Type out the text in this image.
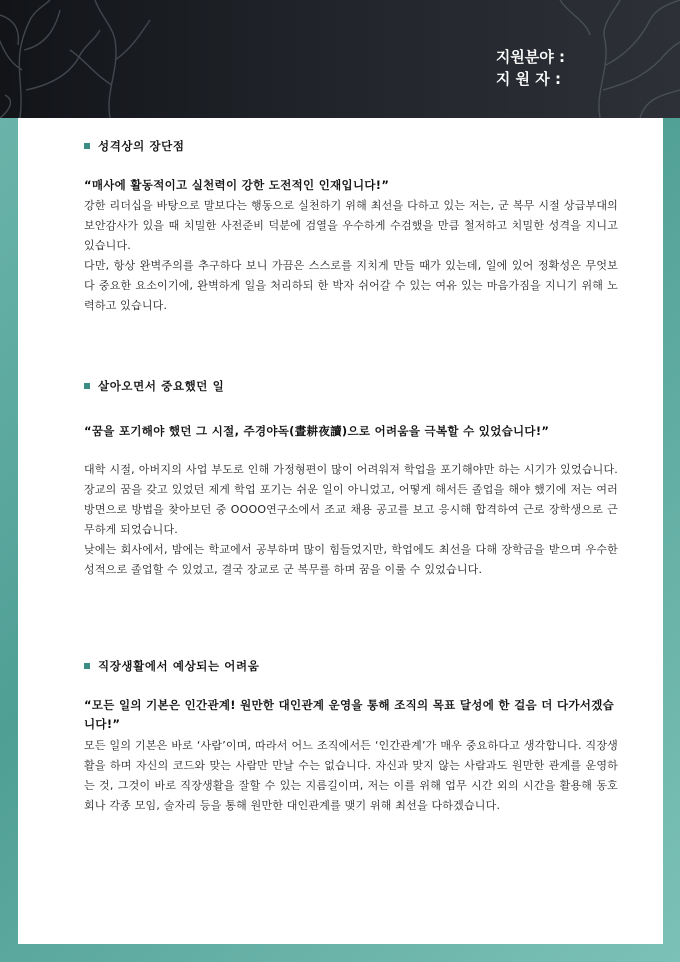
지원분야 :
지 원 자 :
성격상의 장단점
“매사에 활동적이고 실천력이 강한 도전적인 인재입니다!”

강한 리더십을 바탕으로 말보다는 행동으로 실천하기 위해 최선을 다하고 있는 저는, 군 복무 시절 상급부대의 보안감사가 있을 때 치밀한 사전준비 덕분에 검열을 우수하게 수검했을 만큼 철저하고 치밀한 성격을 지니고 있습니다.

다만, 항상 완벽주의를 추구하다 보니 가끔은 스스로를 지치게 만들 때가 있는데, 일에 있어 정확성은 무엇보다 중요한 요소이기에, 완벽하게 일을 처리하되 한 박자 쉬어갈 수 있는 여유 있는 마음가짐을 지니기 위해 노력하고 있습니다.

살아오면서 중요했던 일
“꿈을 포기해야 했던 그 시절, 주경야독(晝耕夜讀)으로 어려움을 극복할 수 있었습니다!”

대학 시절, 아버지의 사업 부도로 인해 가정형편이 많이 어려워져 학업을 포기해야만 하는 시기가 있었습니다. 장교의 꿈을 갖고 있었던 제게 학업 포기는 쉬운 일이 아니었고, 어떻게 해서든 졸업을 해야 했기에 저는 여러 방면으로 방법을 찾아보던 중 OOOO연구소에서 조교 채용 공고를 보고 응시해 합격하여 근로 장학생으로 근무하게 되었습니다.

낮에는 회사에서, 밤에는 학교에서 공부하며 많이 힘들었지만, 학업에도 최선을 다해 장학금을 받으며 우수한 성적으로 졸업할 수 있었고, 결국 장교로 군 복무를 하며 꿈을 이룰 수 있었습니다.

직장생활에서 예상되는 어려움
“모든 일의 기본은 인간관계! 원만한 대인관계 운영을 통해 조직의 목표 달성에 한 걸음 더 다가서겠습니다!”

모든 일의 기본은 바로 ‘사람’이며, 따라서 어느 조직에서든 ‘인간관계’가 매우 중요하다고 생각합니다. 직장생활을 하며 자신의 코드와 맞는 사람만 만날 수는 없습니다. 자신과 맞지 않는 사람과도 원만한 관계를 운영하는 것, 그것이 바로 직장생활을 잘할 수 있는 지름길이며, 저는 이를 위해 업무 시간 외의 시간을 활용해 동호회나 각종 모임, 술자리 등을 통해 원만한 대인관계를 맺기 위해 최선을 다하겠습니다.
